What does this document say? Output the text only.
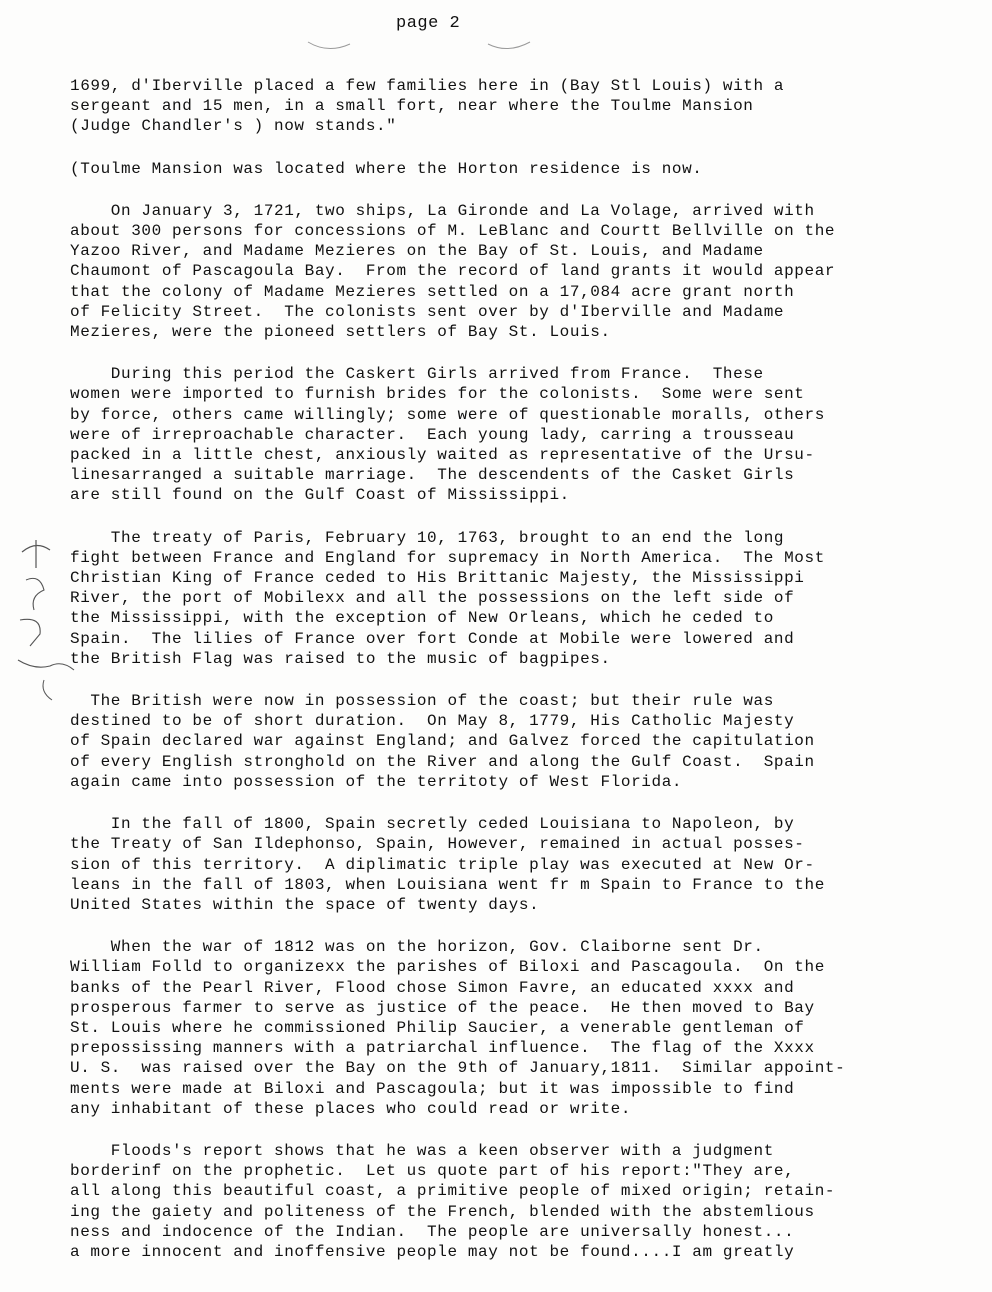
page 2
1699, d'Iberville placed a few families here in (Bay Stl Louis) with a
sergeant and 15 men, in a small fort, near where the Toulme Mansion
(Judge Chandler's ) now stands."
(Toulme Mansion was located where the Horton residence is now.
On January 3, 1721, two ships, La Gironde and La Volage, arrived with
about 300 persons for concessions of M. LeBlanc and Courtt Bellville on the
Yazoo River, and Madame Mezieres on the Bay of St. Louis, and Madame
Chaumont of Pascagoula Bay.  From the record of land grants it would appear
that the colony of Madame Mezieres settled on a 17,084 acre grant north
of Felicity Street.  The colonists sent over by d'Iberville and Madame
Mezieres, were the pioneed settlers of Bay St. Louis.
During this period the Caskert Girls arrived from France.  These
women were imported to furnish brides for the colonists.  Some were sent
by force, others came willingly; some were of questionable moralls, others
were of irreproachable character.  Each young lady, carring a trousseau
packed in a little chest, anxiously waited as representative of the Ursu-
linesarranged a suitable marriage.  The descendents of the Casket Girls
are still found on the Gulf Coast of Mississippi.
The treaty of Paris, February 10, 1763, brought to an end the long
fight between France and England for supremacy in North America.  The Most
Christian King of France ceded to His Brittanic Majesty, the Mississippi
River, the port of Mobilexx and all the possessions on the left side of
the Mississippi, with the exception of New Orleans, which he ceded to
Spain.  The lilies of France over fort Conde at Mobile were lowered and
the British Flag was raised to the music of bagpipes.
The British were now in possession of the coast; but their rule was
destined to be of short duration.  On May 8, 1779, His Catholic Majesty
of Spain declared war against England; and Galvez forced the capitulation
of every English stronghold on the River and along the Gulf Coast.  Spain
again came into possession of the territoty of West Florida.
In the fall of 1800, Spain secretly ceded Louisiana to Napoleon, by
the Treaty of San Ildephonso, Spain, However, remained in actual posses-
sion of this territory.  A diplimatic triple play was executed at New Or-
leans in the fall of 1803, when Louisiana went fr m Spain to France to the
United States within the space of twenty days.
When the war of 1812 was on the horizon, Gov. Claiborne sent Dr.
William Folld to organizexx the parishes of Biloxi and Pascagoula.  On the
banks of the Pearl River, Flood chose Simon Favre, an educated xxxx and
prosperous farmer to serve as justice of the peace.  He then moved to Bay
St. Louis where he commissioned Philip Saucier, a venerable gentleman of
prepossissing manners with a patriarchal influence.  The flag of the Xxxx
U. S.  was raised over the Bay on the 9th of January,1811.  Similar appoint-
ments were made at Biloxi and Pascagoula; but it was impossible to find
any inhabitant of these places who could read or write.
Floods's report shows that he was a keen observer with a judgment
borderinf on the prophetic.  Let us quote part of his report:"They are,
all along this beautiful coast, a primitive people of mixed origin; retain-
ing the gaiety and politeness of the French, blended with the abstemlious
ness and indocence of the Indian.  The people are universally honest...
a more innocent and inoffensive people may not be found....I am greatly
